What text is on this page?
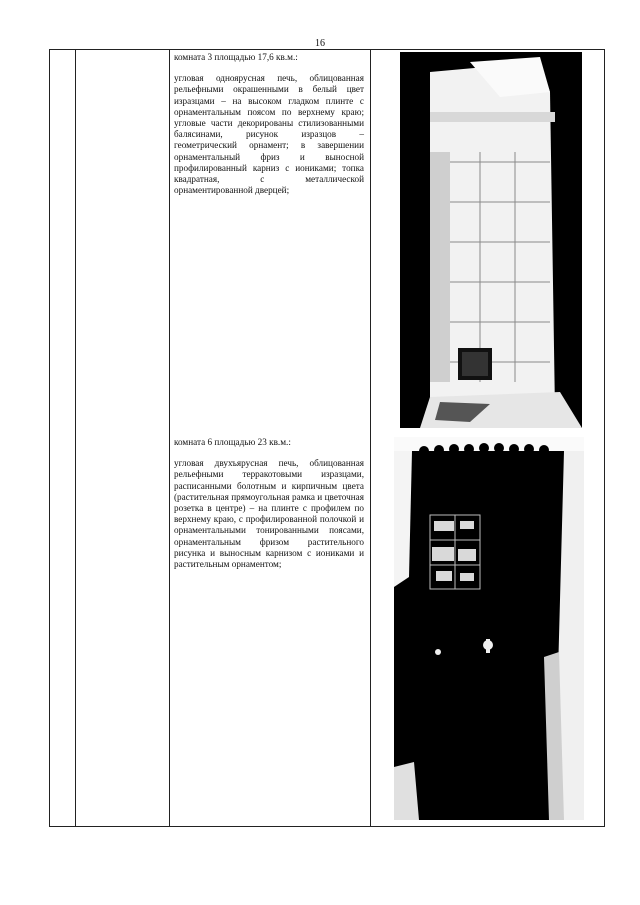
16

комната 3 площадью 17,6 кв.м.:

угловая одноярусная печь, облицованная рельефными окрашенными в белый цвет изразцами – на высоком гладком плинте с орнаментальным поясом по верхнему краю; угловые части декорированы стилизованными балясинами, рисунок изразцов – геометрический орнамент; в завершении орнаментальный фриз и выносной профилированный карниз с иониками; топка квадратная, с металлической орнаментированной дверцей;

комната 6 площадью 23 кв.м.:

угловая двухъярусная печь, облицованная рельефными терракотовыми изразцами, расписанными болотным и кирпичным цвета (растительная прямоугольная рамка и цветочная розетка в центре) – на плинте с профилем по верхнему краю, с профилированной полочкой и орнаментальными тонированными поясами, орнаментальным фризом растительного рисунка и выносным карнизом с иониками и растительным орнаментом;
